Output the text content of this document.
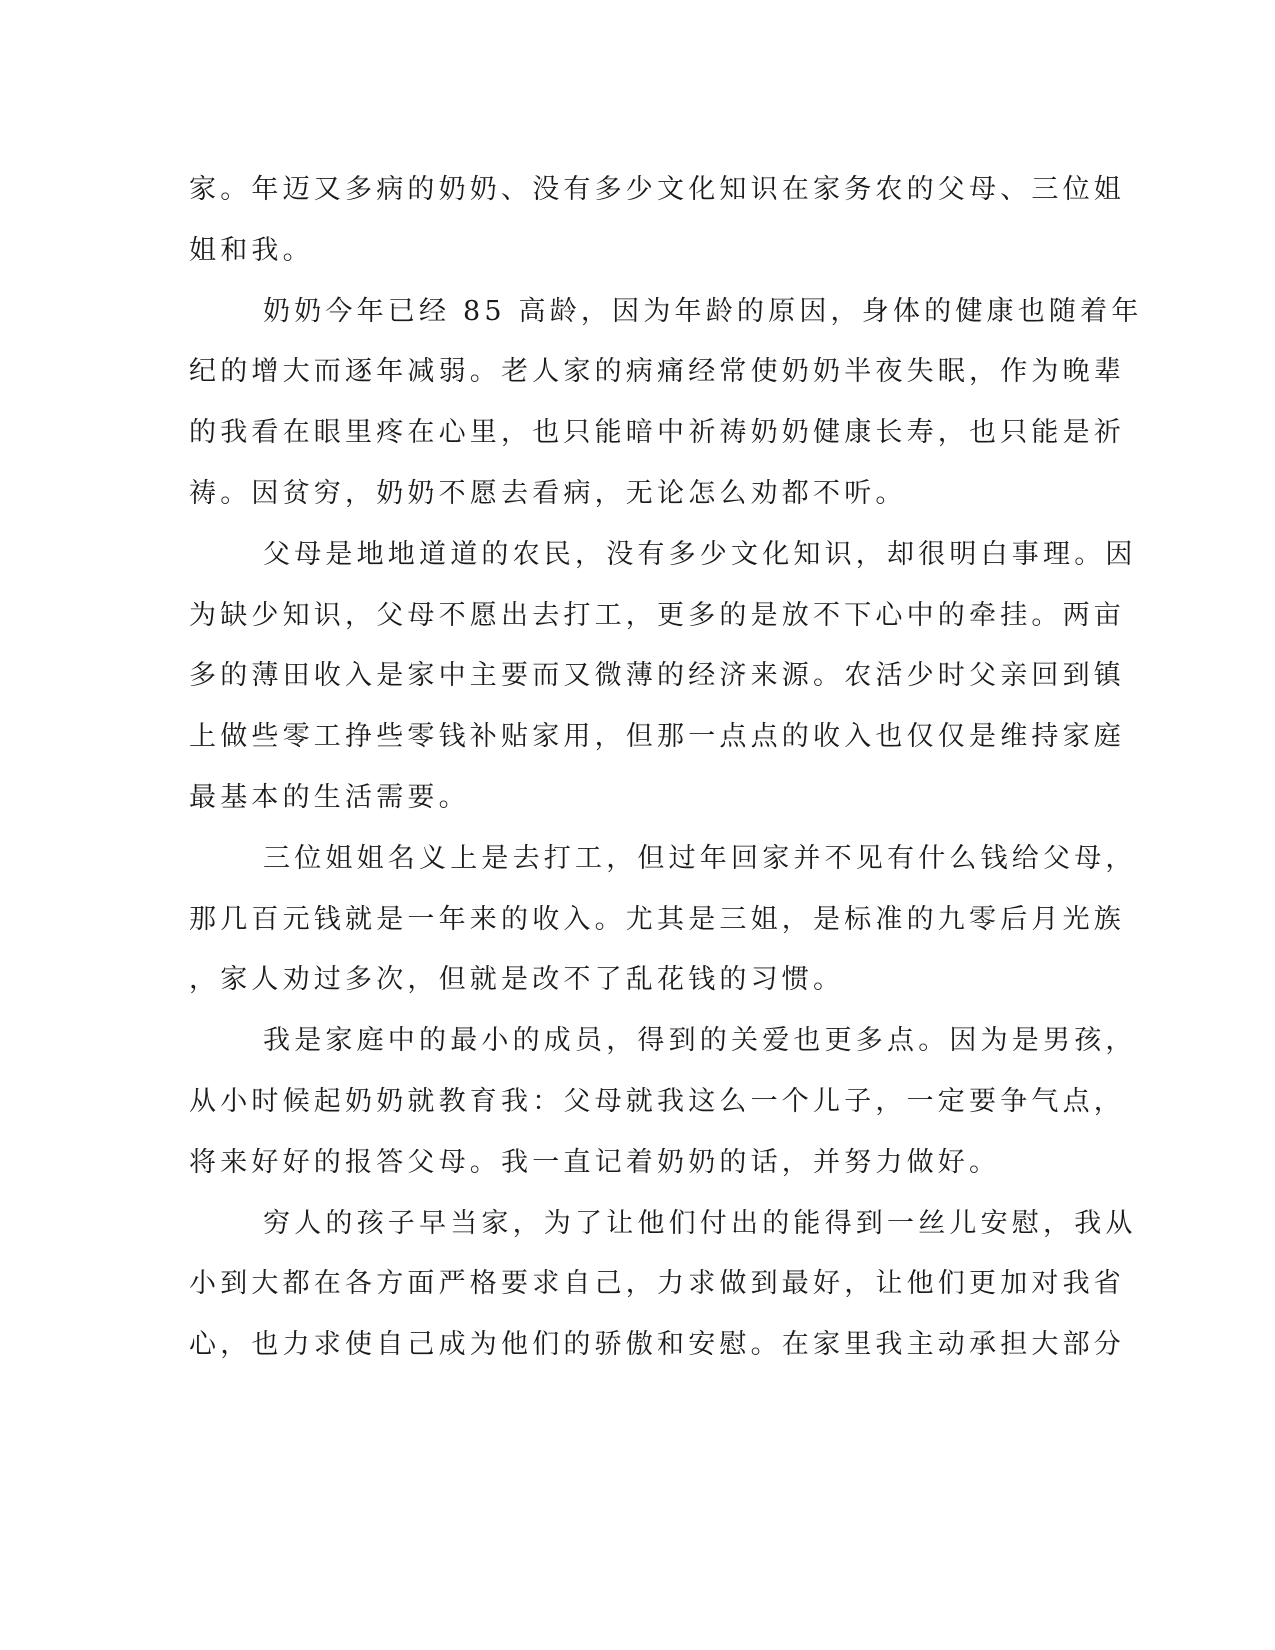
家。年迈又多病的奶奶、没有多少文化知识在家务农的父母、三位姐
姐和我。
奶奶今年已经 85 高龄，因为年龄的原因，身体的健康也随着年
纪的增大而逐年减弱。老人家的病痛经常使奶奶半夜失眠，作为晚辈
的我看在眼里疼在心里，也只能暗中祈祷奶奶健康长寿，也只能是祈
祷。因贫穷，奶奶不愿去看病，无论怎么劝都不听。
父母是地地道道的农民，没有多少文化知识，却很明白事理。因
为缺少知识，父母不愿出去打工，更多的是放不下心中的牵挂。两亩
多的薄田收入是家中主要而又微薄的经济来源。农活少时父亲回到镇
上做些零工挣些零钱补贴家用，但那一点点的收入也仅仅是维持家庭
最基本的生活需要。
三位姐姐名义上是去打工，但过年回家并不见有什么钱给父母，
那几百元钱就是一年来的收入。尤其是三姐，是标准的九零后月光族
，家人劝过多次，但就是改不了乱花钱的习惯。
我是家庭中的最小的成员，得到的关爱也更多点。因为是男孩，
从小时候起奶奶就教育我：父母就我这么一个儿子，一定要争气点，
将来好好的报答父母。我一直记着奶奶的话，并努力做好。
穷人的孩子早当家，为了让他们付出的能得到一丝儿安慰，我从
小到大都在各方面严格要求自己，力求做到最好，让他们更加对我省
心，也力求使自己成为他们的骄傲和安慰。在家里我主动承担大部分
